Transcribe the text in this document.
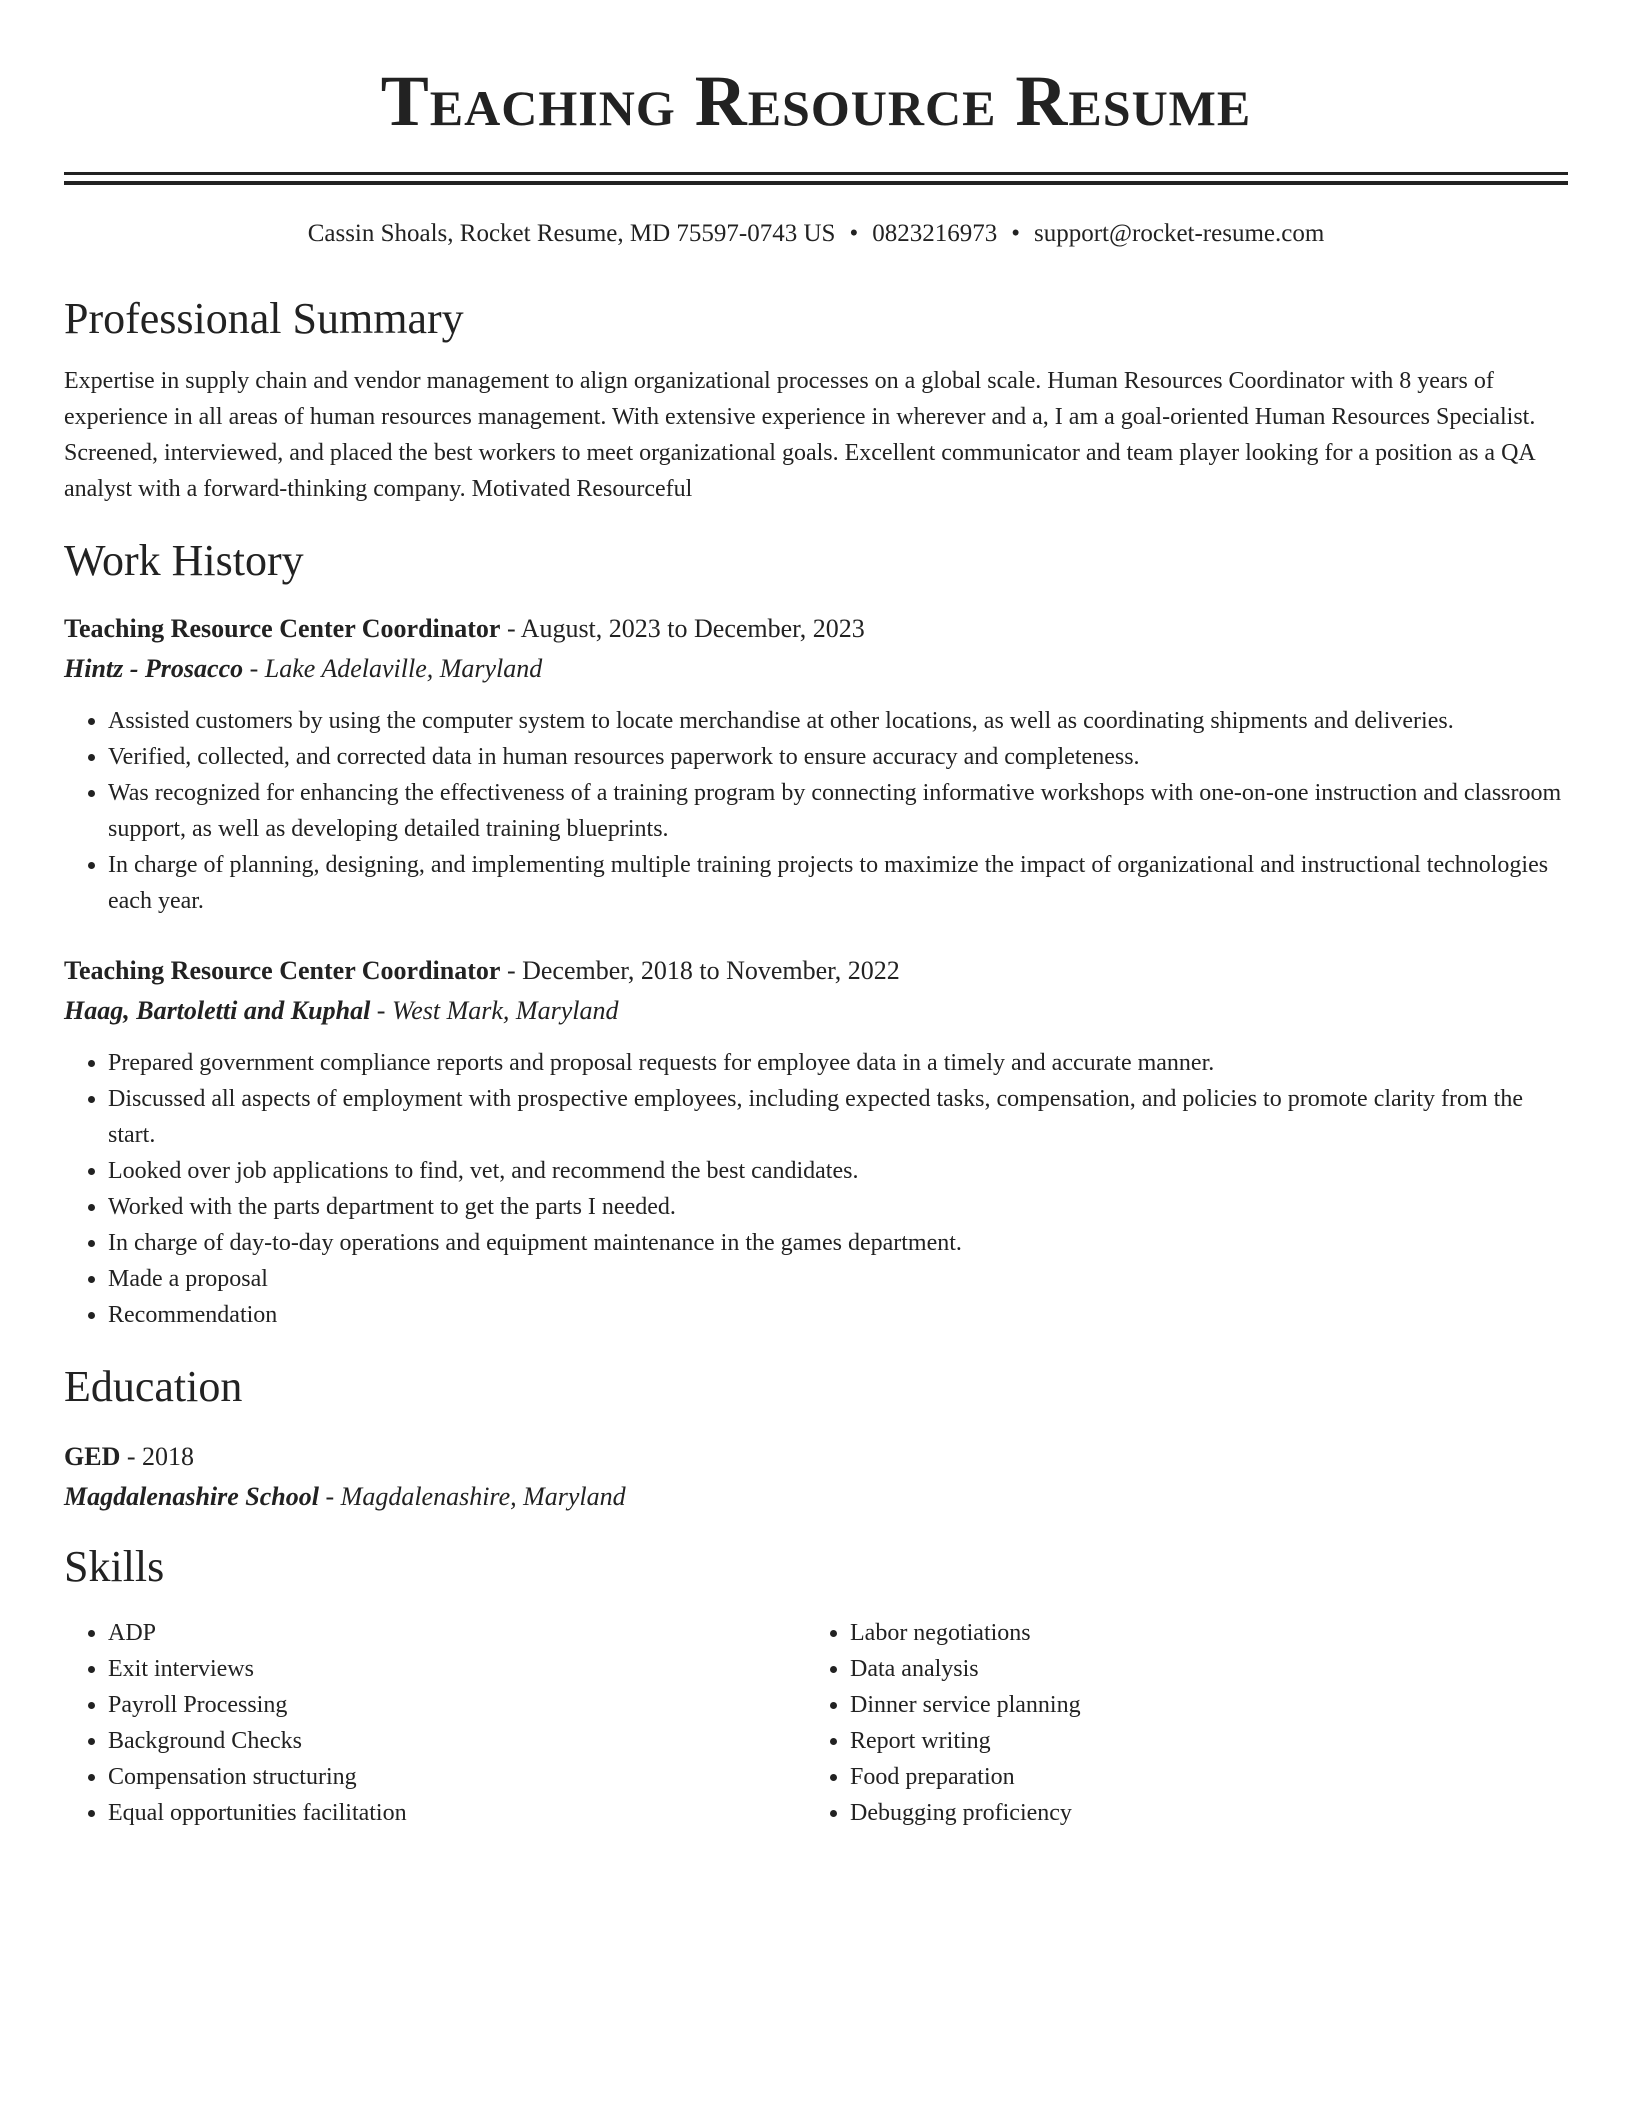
Teaching Resource Resume
Cassin Shoals, Rocket Resume, MD 75597-0743 US • 0823216973 • support@rocket-resume.com
Professional Summary
Expertise in supply chain and vendor management to align organizational processes on a global scale. Human Resources Coordinator with 8 years of experience in all areas of human resources management. With extensive experience in wherever and a, I am a goal-oriented Human Resources Specialist. Screened, interviewed, and placed the best workers to meet organizational goals. Excellent communicator and team player looking for a position as a QA analyst with a forward-thinking company. Motivated Resourceful
Work History
Teaching Resource Center Coordinator - August, 2023 to December, 2023
Hintz - Prosacco - Lake Adelaville, Maryland
• Assisted customers by using the computer system to locate merchandise at other locations, as well as coordinating shipments and deliveries.
• Verified, collected, and corrected data in human resources paperwork to ensure accuracy and completeness.
• Was recognized for enhancing the effectiveness of a training program by connecting informative workshops with one-on-one instruction and classroom support, as well as developing detailed training blueprints.
• In charge of planning, designing, and implementing multiple training projects to maximize the impact of organizational and instructional technologies each year.
Teaching Resource Center Coordinator - December, 2018 to November, 2022
Haag, Bartoletti and Kuphal - West Mark, Maryland
• Prepared government compliance reports and proposal requests for employee data in a timely and accurate manner.
• Discussed all aspects of employment with prospective employees, including expected tasks, compensation, and policies to promote clarity from the start.
• Looked over job applications to find, vet, and recommend the best candidates.
• Worked with the parts department to get the parts I needed.
• In charge of day-to-day operations and equipment maintenance in the games department.
• Made a proposal
• Recommendation
Education
GED - 2018
Magdalenashire School - Magdalenashire, Maryland
Skills
• ADP
• Exit interviews
• Payroll Processing
• Background Checks
• Compensation structuring
• Equal opportunities facilitation
• Labor negotiations
• Data analysis
• Dinner service planning
• Report writing
• Food preparation
• Debugging proficiency
